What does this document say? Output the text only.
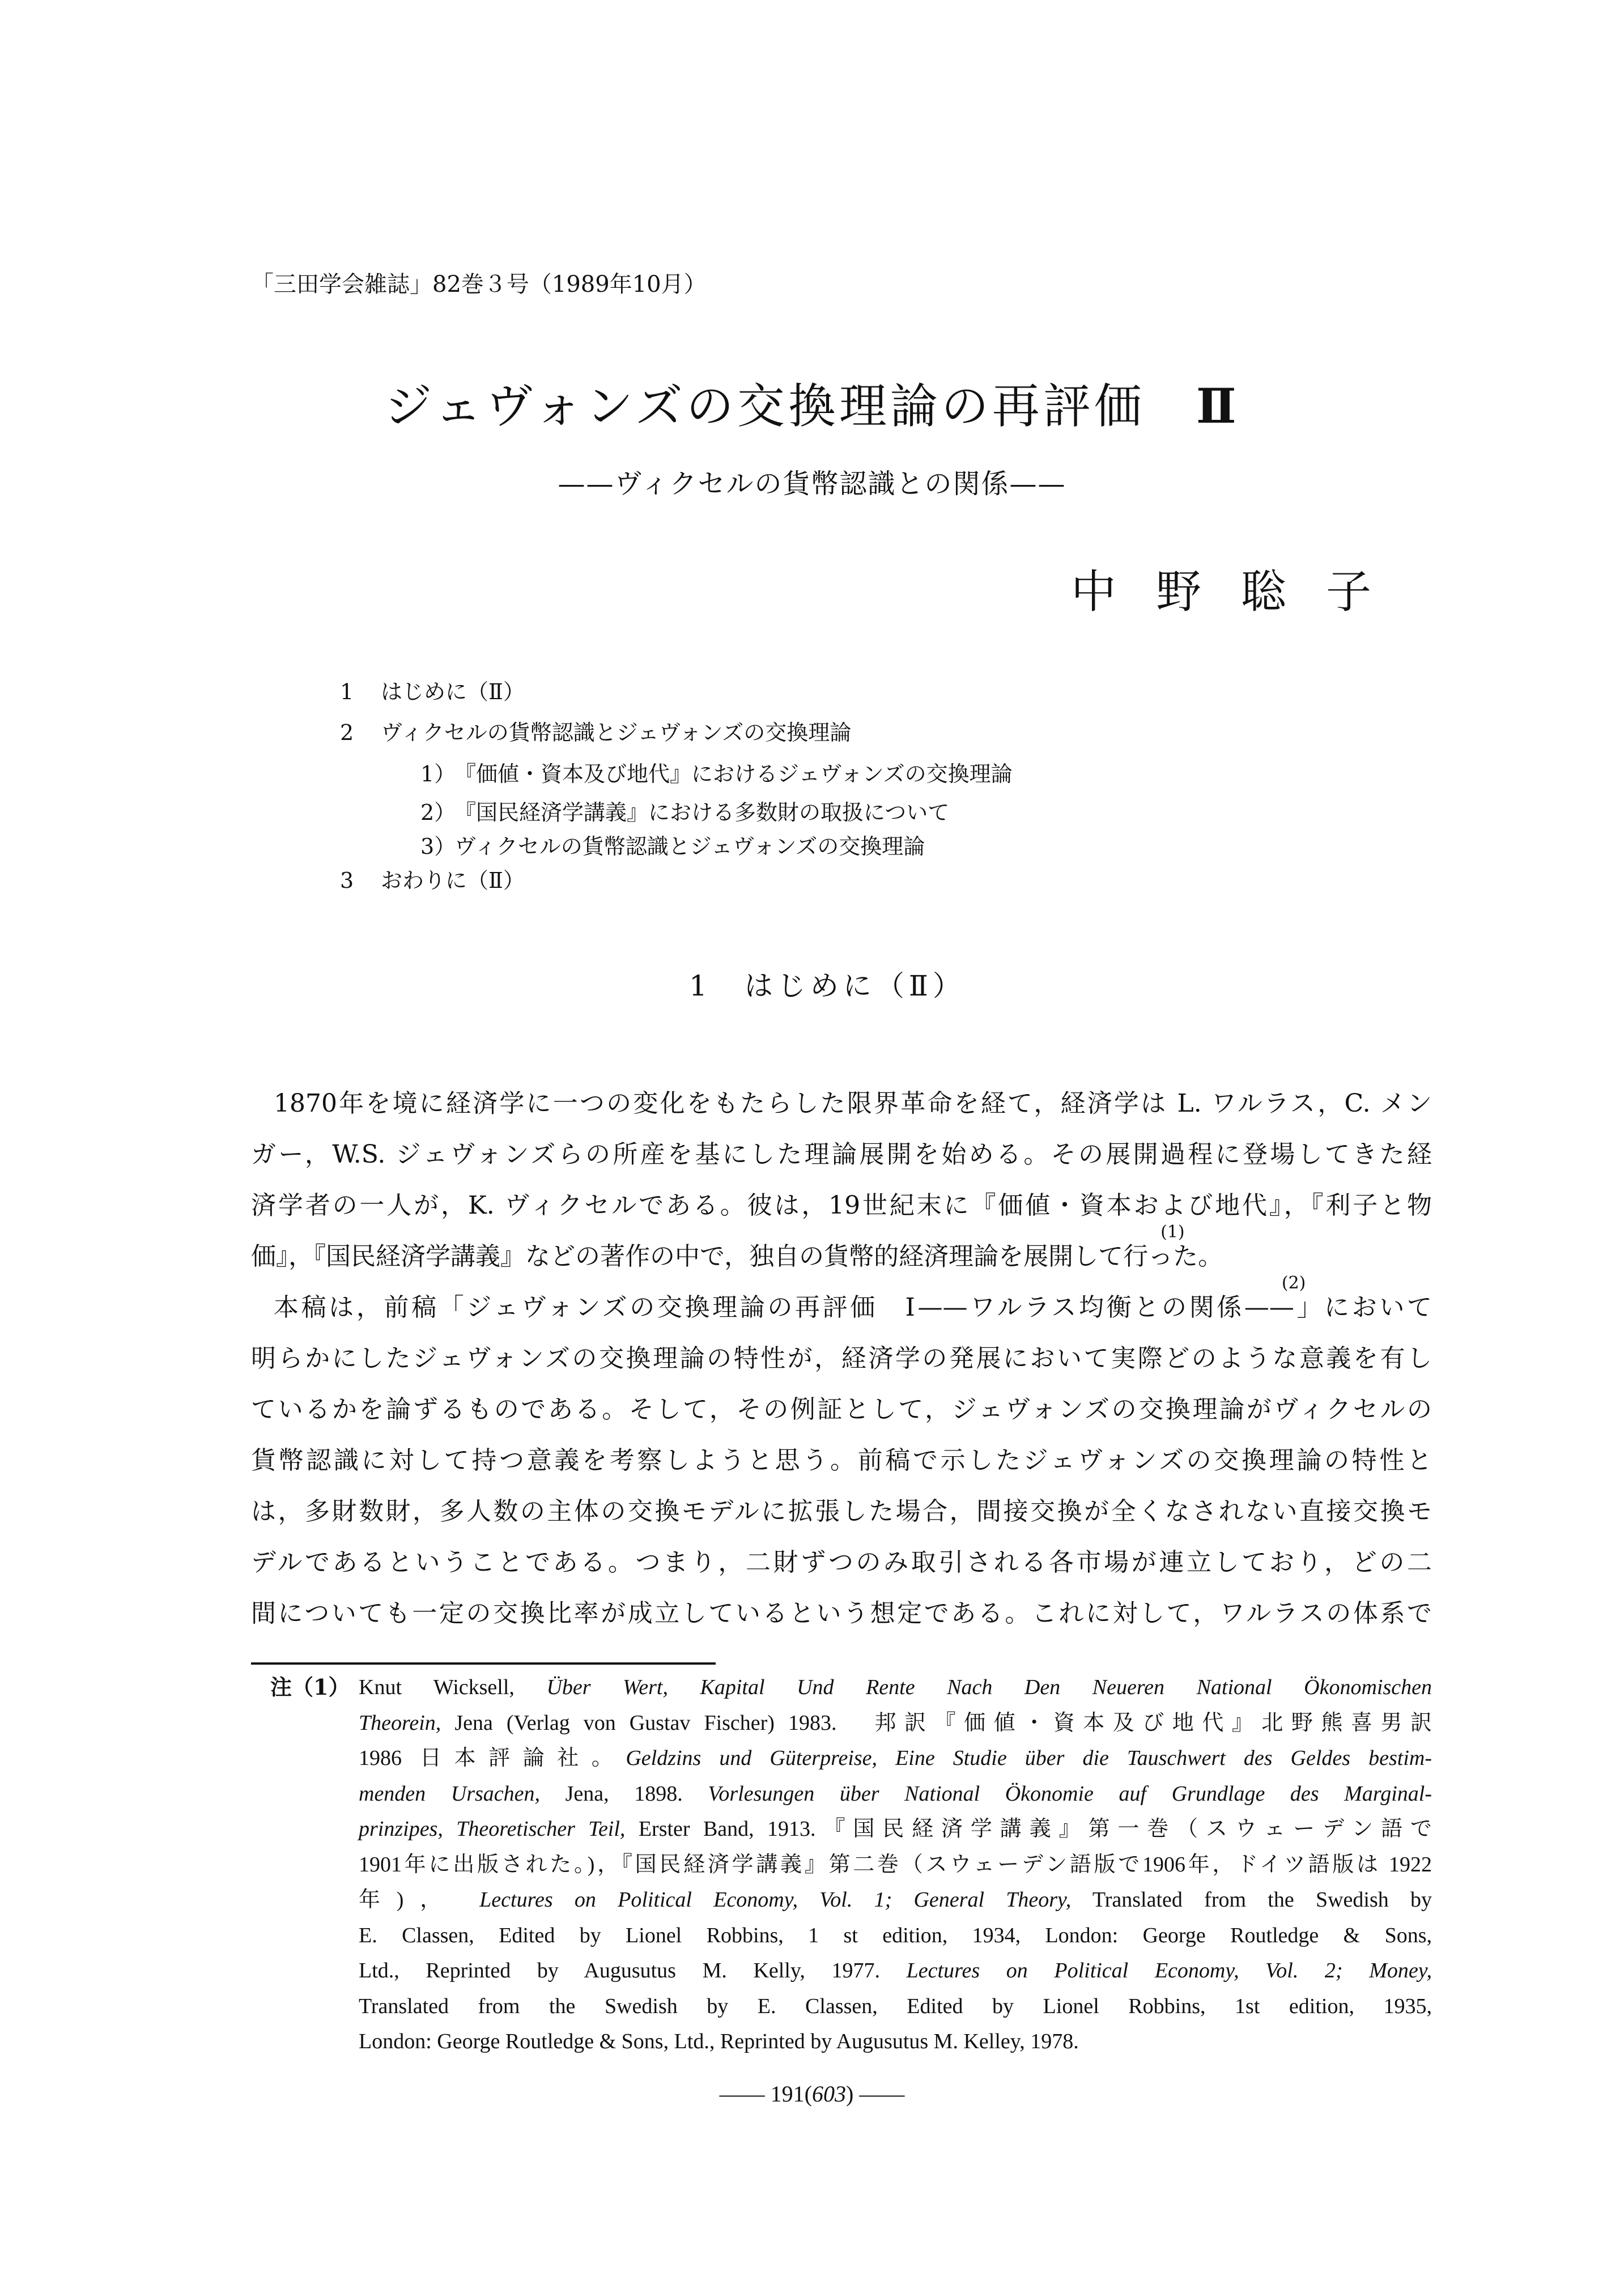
「三田学会雑誌」82巻３号（1989年10月）
ジェヴォンズの交換理論の再評価 Ⅱ
——ヴィクセルの貨幣認識との関係——
中野聡子
1 はじめに（Ⅱ）
2 ヴィクセルの貨幣認識とジェヴォンズの交換理論
1）『価値・資本及び地代』におけるジェヴォンズの交換理論
2）『国民経済学講義』における多数財の取扱について
3）ヴィクセルの貨幣認識とジェヴォンズの交換理論
3 おわりに（Ⅱ）
1　はじめに（Ⅱ）
1870年を境に経済学に一つの変化をもたらした限界革命を経て，経済学は L. ワルラス，C. メン
ガー，W.S. ジェヴォンズらの所産を基にした理論展開を始める。その展開過程に登場してきた経
済学者の一人が，K. ヴィクセルである。彼は，19世紀末に『価値・資本および地代』，『利子と物
価』，『国民経済学講義』などの著作の中で，独自の貨幣的経済理論を展開して行っ(1)た。
本稿は，前稿「ジェヴォンズの交換理論の再評価　Ⅰ——ワルラス均衡との関係——(2)」において
明らかにしたジェヴォンズの交換理論の特性が，経済学の発展において実際どのような意義を有し
ているかを論ずるものである。そして，その例証として，ジェヴォンズの交換理論がヴィクセルの
貨幣認識に対して持つ意義を考察しようと思う。前稿で示したジェヴォンズの交換理論の特性と
は，多財数財，多人数の主体の交換モデルに拡張した場合，間接交換が全くなされない直接交換モ
デルであるということである。つまり，二財ずつのみ取引される各市場が連立しており，どの二
間についても一定の交換比率が成立しているという想定である。これに対して，ワルラスの体系で
注（1） Knut Wicksell, Über Wert, Kapital Und Rente Nach Den Neueren National Ökonomischen
Theorein, Jena (Verlag von Gustav Fischer) 1983.　邦訳『価値・資本及び地代』北野熊喜男訳
1986 日本評論社。Geldzins und Güterpreise, Eine Studie über die Tauschwert des Geldes bestim-
menden Ursachen, Jena, 1898. Vorlesungen über National Ökonomie auf Grundlage des Marginal-
prinzipes, Theoretischer Teil, Erster Band, 1913.『国民経済学講義』第一巻（スウェーデン語で
1901年に出版された。)，『国民経済学講義』第二巻（スウェーデン語版で1906年，ドイツ語版は 1922
年)， Lectures on Political Economy, Vol. 1; General Theory, Translated from the Swedish by
E. Classen, Edited by Lionel Robbins, 1 st edition, 1934, London: George Routledge & Sons,
Ltd., Reprinted by Augusutus M. Kelly, 1977. Lectures on Political Economy, Vol. 2; Money,
Translated from the Swedish by E. Classen, Edited by Lionel Robbins, 1st edition, 1935,
London: George Routledge & Sons, Ltd., Reprinted by Augusutus M. Kelley, 1978.
—— 191(603) ——
